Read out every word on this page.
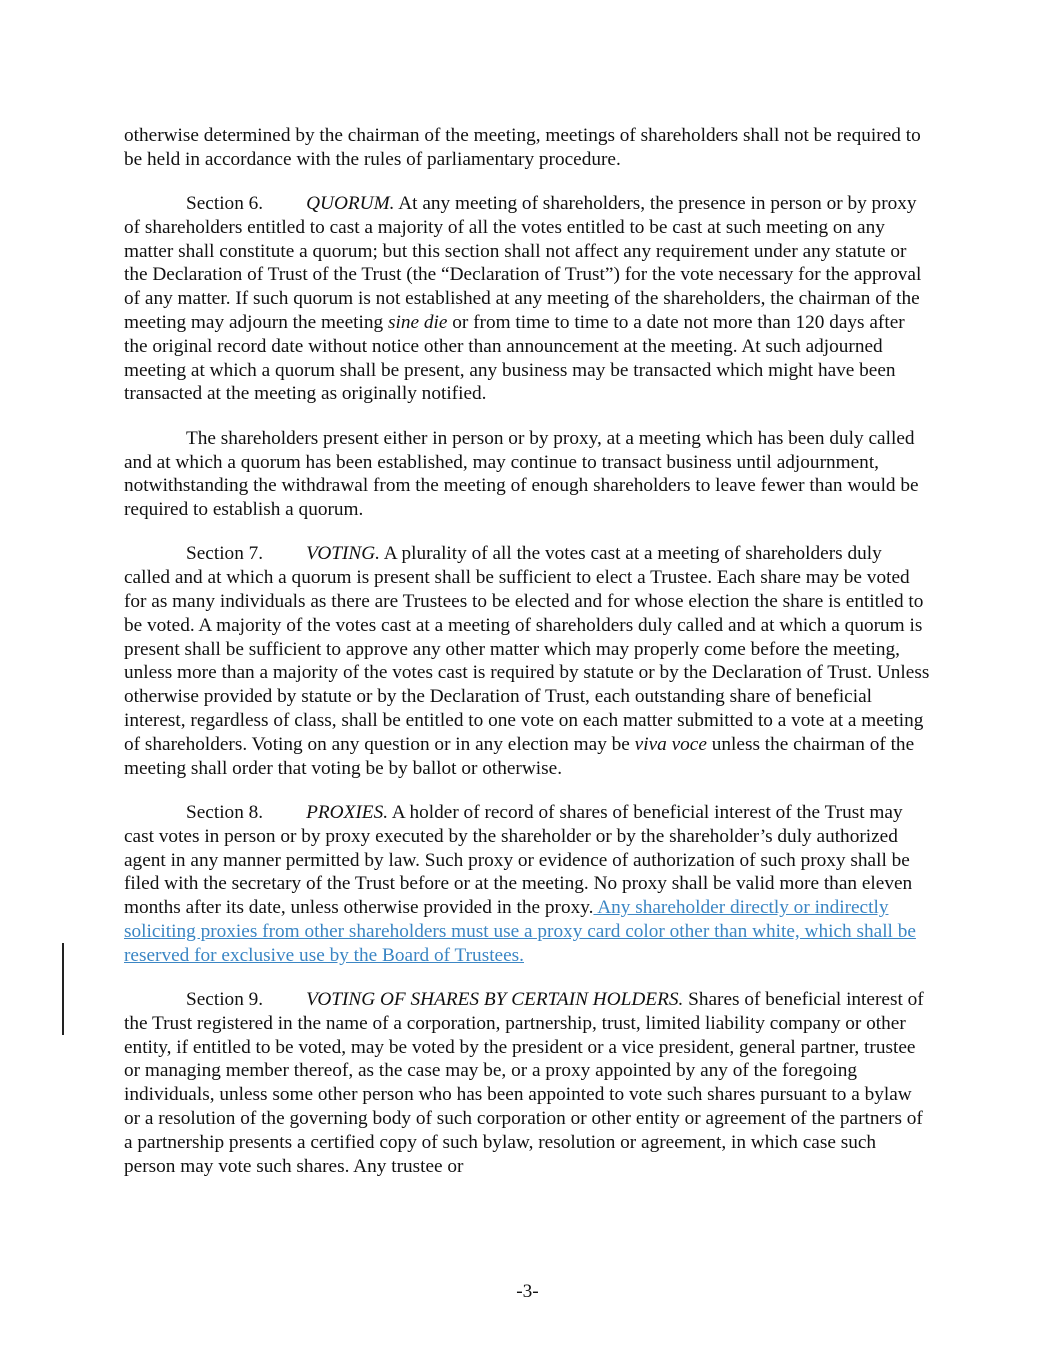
otherwise determined by the chairman of the meeting, meetings of shareholders shall not be required to be held in accordance with the rules of parliamentary procedure.

Section 6. QUORUM. At any meeting of shareholders, the presence in person or by proxy of shareholders entitled to cast a majority of all the votes entitled to be cast at such meeting on any matter shall constitute a quorum; but this section shall not affect any requirement under any statute or the Declaration of Trust of the Trust (the “Declaration of Trust”) for the vote necessary for the approval of any matter. If such quorum is not established at any meeting of the shareholders, the chairman of the meeting may adjourn the meeting sine die or from time to time to a date not more than 120 days after the original record date without notice other than announcement at the meeting. At such adjourned meeting at which a quorum shall be present, any business may be transacted which might have been transacted at the meeting as originally notified.

The shareholders present either in person or by proxy, at a meeting which has been duly called and at which a quorum has been established, may continue to transact business until adjournment, notwithstanding the withdrawal from the meeting of enough shareholders to leave fewer than would be required to establish a quorum.

Section 7. VOTING. A plurality of all the votes cast at a meeting of shareholders duly called and at which a quorum is present shall be sufficient to elect a Trustee. Each share may be voted for as many individuals as there are Trustees to be elected and for whose election the share is entitled to be voted. A majority of the votes cast at a meeting of shareholders duly called and at which a quorum is present shall be sufficient to approve any other matter which may properly come before the meeting, unless more than a majority of the votes cast is required by statute or by the Declaration of Trust. Unless otherwise provided by statute or by the Declaration of Trust, each outstanding share of beneficial interest, regardless of class, shall be entitled to one vote on each matter submitted to a vote at a meeting of shareholders. Voting on any question or in any election may be viva voce unless the chairman of the meeting shall order that voting be by ballot or otherwise.

Section 8. PROXIES. A holder of record of shares of beneficial interest of the Trust may cast votes in person or by proxy executed by the shareholder or by the shareholder’s duly authorized agent in any manner permitted by law. Such proxy or evidence of authorization of such proxy shall be filed with the secretary of the Trust before or at the meeting. No proxy shall be valid more than eleven months after its date, unless otherwise provided in the proxy. Any shareholder directly or indirectly soliciting proxies from other shareholders must use a proxy card color other than white, which shall be reserved for exclusive use by the Board of Trustees.

Section 9. VOTING OF SHARES BY CERTAIN HOLDERS. Shares of beneficial interest of the Trust registered in the name of a corporation, partnership, trust, limited liability company or other entity, if entitled to be voted, may be voted by the president or a vice president, general partner, trustee or managing member thereof, as the case may be, or a proxy appointed by any of the foregoing individuals, unless some other person who has been appointed to vote such shares pursuant to a bylaw or a resolution of the governing body of such corporation or other entity or agreement of the partners of a partnership presents a certified copy of such bylaw, resolution or agreement, in which case such person may vote such shares. Any trustee or

-3-
